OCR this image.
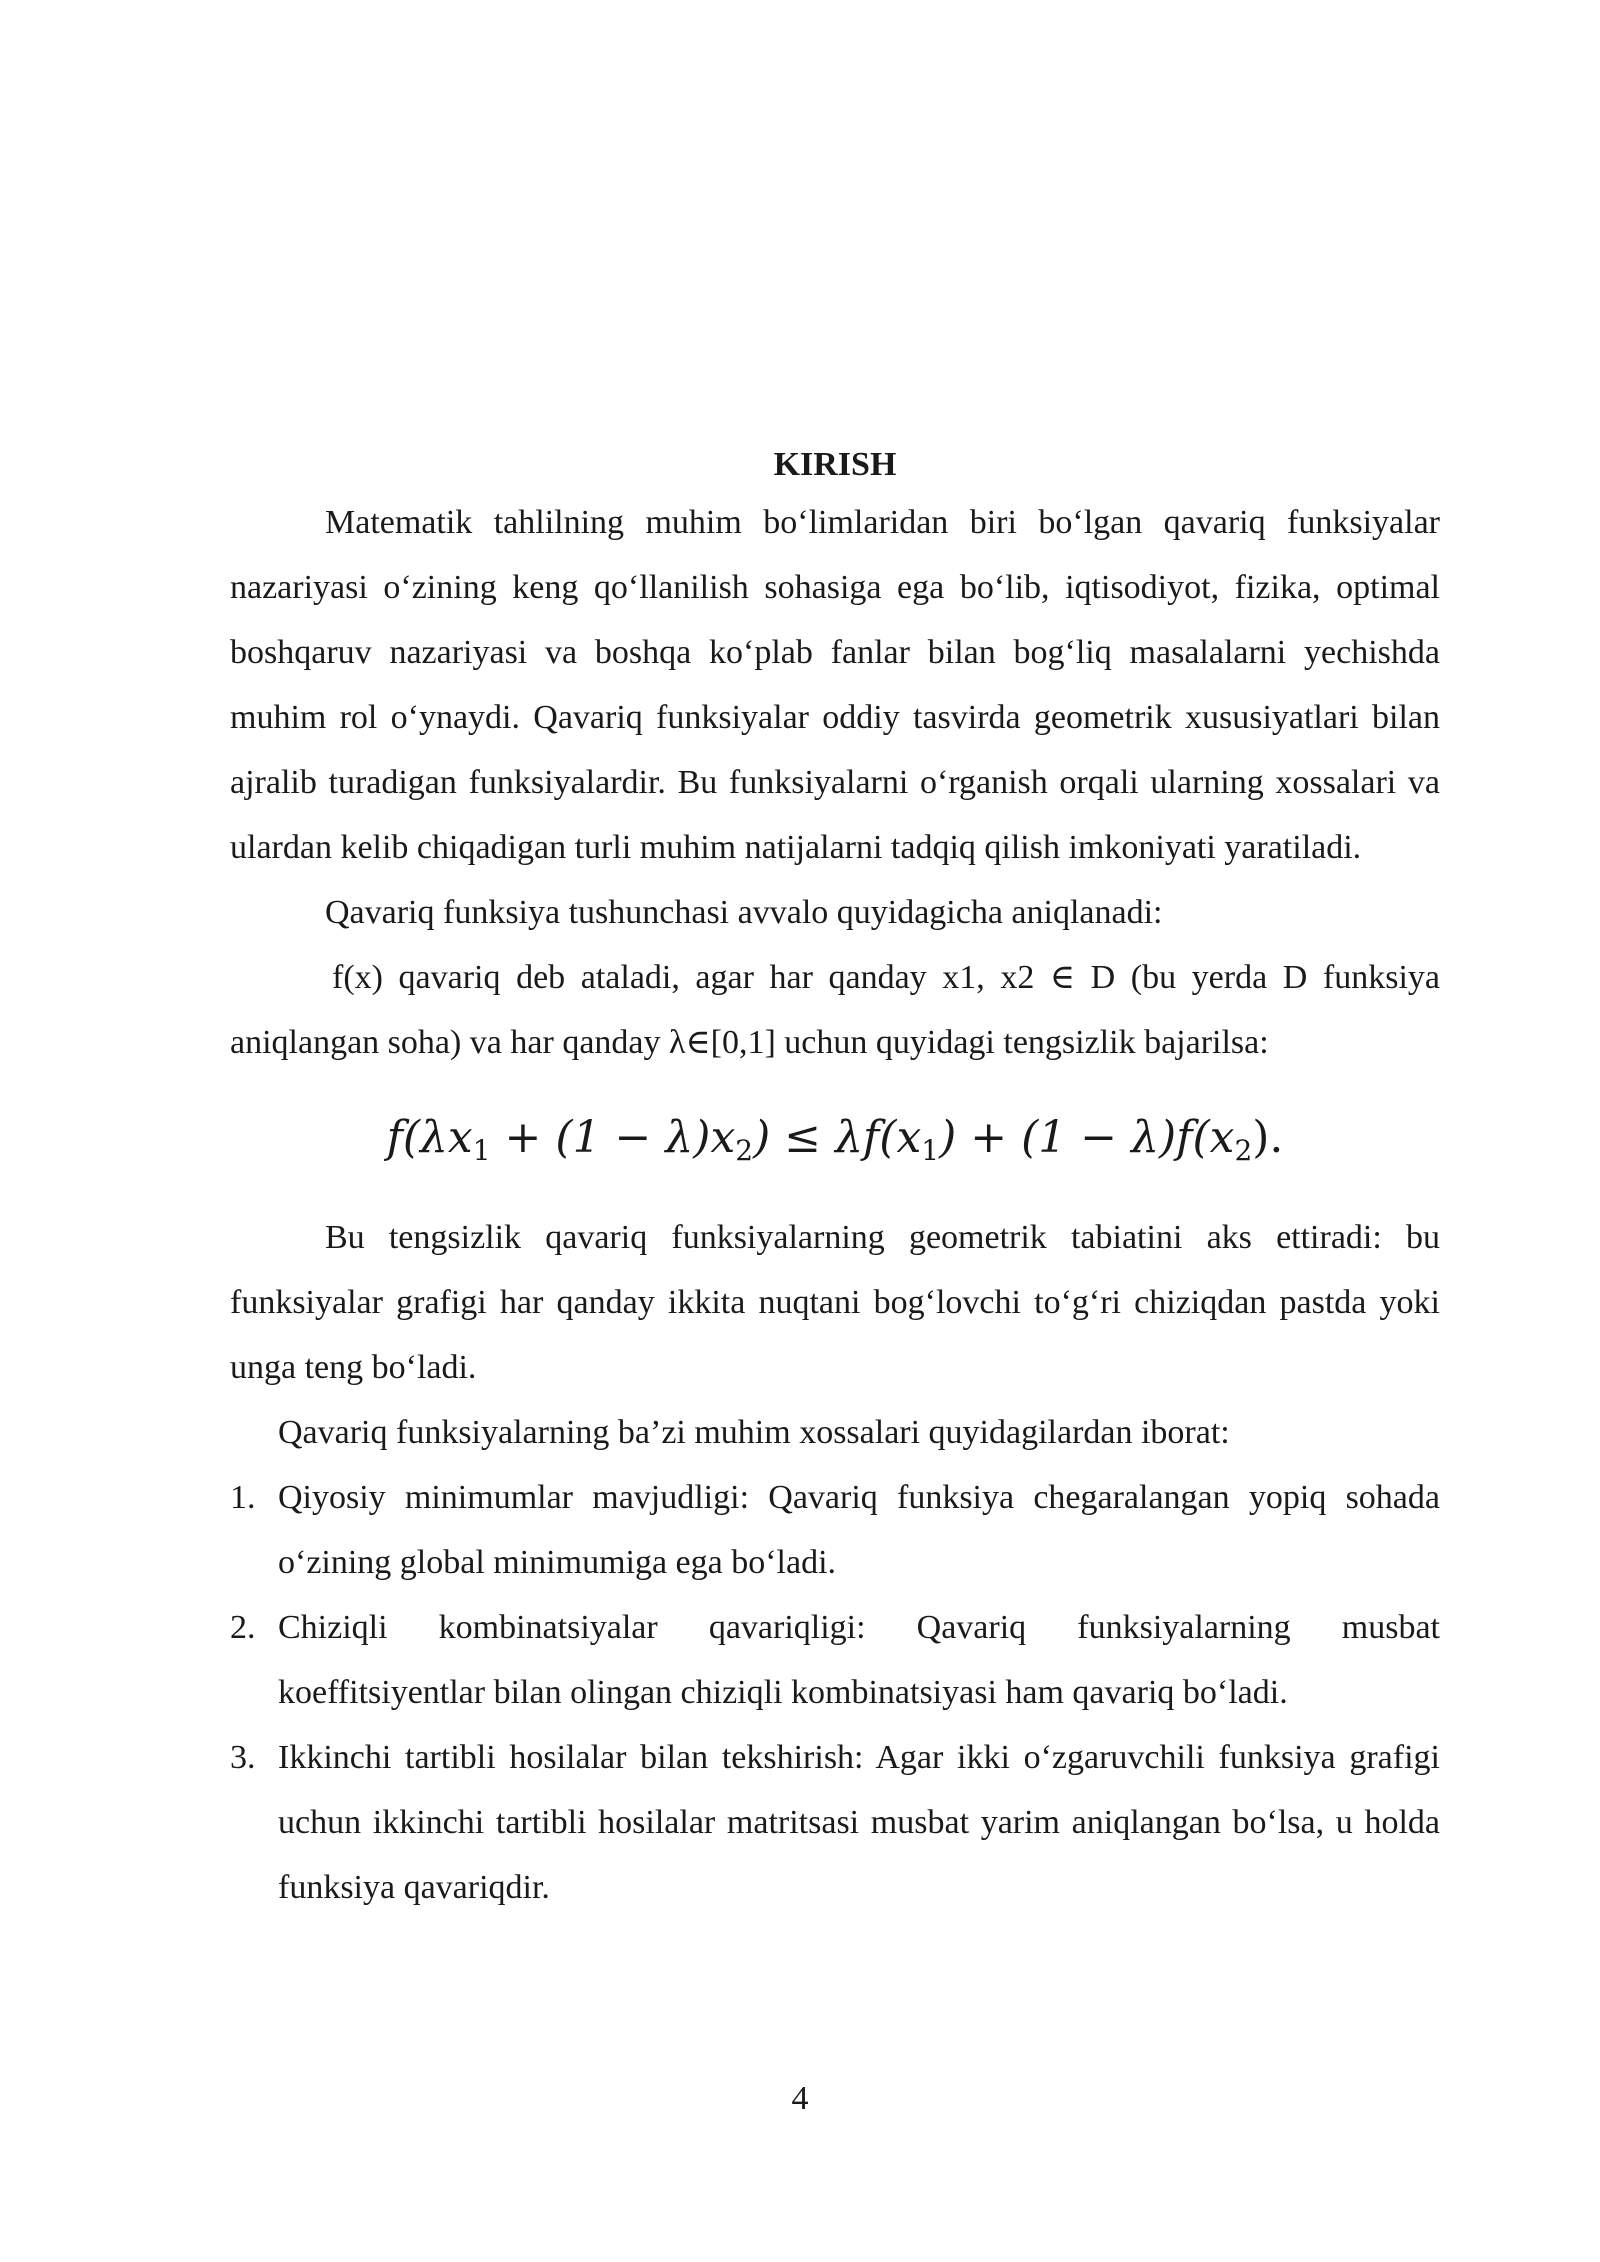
KIRISH

Matematik tahlilning muhim bo‘limlaridan biri bo‘lgan qavariq funksiyalar nazariyasi o‘zining keng qo‘llanilish sohasiga ega bo‘lib, iqtisodiyot, fizika, optimal boshqaruv nazariyasi va boshqa ko‘plab fanlar bilan bog‘liq masalalarni yechishda muhim rol o‘ynaydi. Qavariq funksiyalar oddiy tasvirda geometrik xususiyatlari bilan ajralib turadigan funksiyalardir. Bu funksiyalarni o‘rganish orqali ularning xossalari va ulardan kelib chiqadigan turli muhim natijalarni tadqiq qilish imkoniyati yaratiladi.

Qavariq funksiya tushunchasi avvalo quyidagicha aniqlanadi:

f(x) qavariq deb ataladi, agar har qanday x1, x2 ∈ D (bu yerda D funksiya aniqlangan soha) va har qanday λ∈[0,1] uchun quyidagi tengsizlik bajarilsa:

$f(\lambda x_1 + (1 - \lambda)x_2) \le \lambda f(x_1) + (1 - \lambda)f(x_2)$.

Bu tengsizlik qavariq funksiyalarning geometrik tabiatini aks ettiradi: bu funksiyalar grafigi har qanday ikkita nuqtani bog‘lovchi to‘g‘ri chiziqdan pastda yoki unga teng bo‘ladi.

Qavariq funksiyalarning ba’zi muhim xossalari quyidagilardan iborat:

1. Qiyosiy minimumlar mavjudligi: Qavariq funksiya chegaralangan yopiq sohada o‘zining global minimumiga ega bo‘ladi.
2. Chiziqli kombinatsiyalar qavariqligi: Qavariq funksiyalarning musbat koeffitsiyentlar bilan olingan chiziqli kombinatsiyasi ham qavariq bo‘ladi.
3. Ikkinchi tartibli hosilalar bilan tekshirish: Agar ikki o‘zgaruvchili funksiya grafigi uchun ikkinchi tartibli hosilalar matritsasi musbat yarim aniqlangan bo‘lsa, u holda funksiya qavariqdir.
4
